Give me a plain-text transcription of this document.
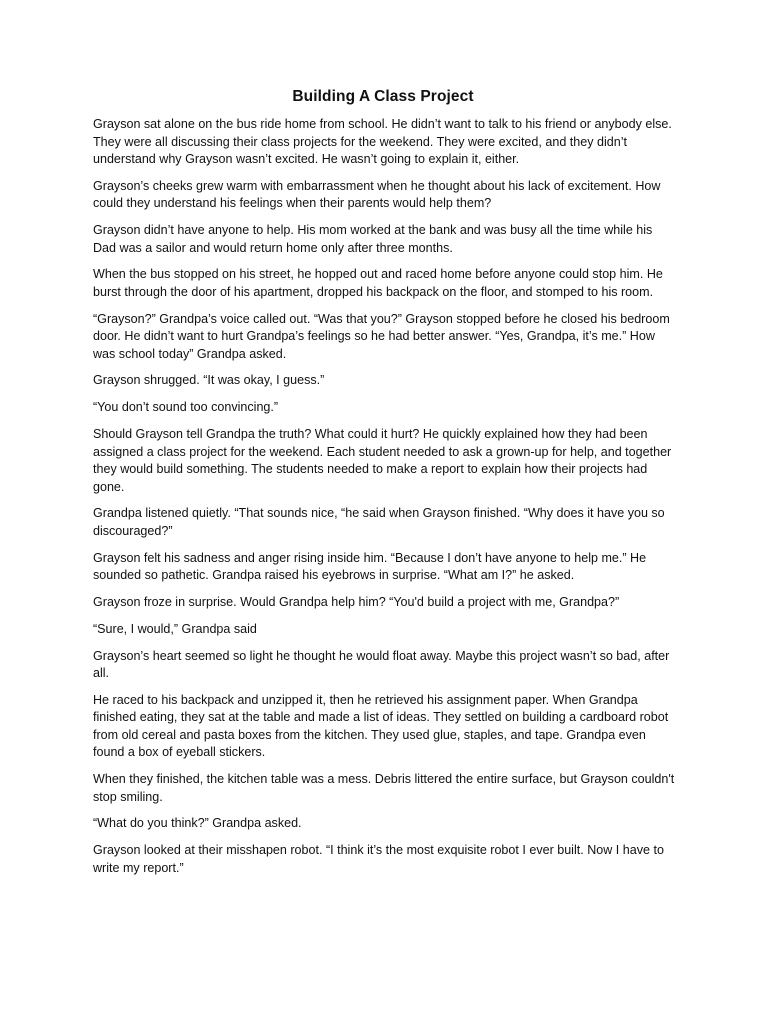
Building A Class Project

Grayson sat alone on the bus ride home from school. He didn’t want to talk to his friend or anybody else. They were all discussing their class projects for the weekend. They were excited, and they didn’t understand why Grayson wasn’t excited. He wasn’t going to explain it, either.

Grayson’s cheeks grew warm with embarrassment when he thought about his lack of excitement. How could they understand his feelings when their parents would help them?

Grayson didn’t have anyone to help. His mom worked at the bank and was busy all the time while his Dad was a sailor and would return home only after three months.

When the bus stopped on his street, he hopped out and raced home before anyone could stop him. He burst through the door of his apartment, dropped his backpack on the floor, and stomped to his room.

“Grayson?” Grandpa’s voice called out. “Was that you?” Grayson stopped before he closed his bedroom door. He didn’t want to hurt Grandpa’s feelings so he had better answer. “Yes, Grandpa, it’s me.” How was school today” Grandpa asked.

Grayson shrugged. “It was okay, I guess.”

“You don’t sound too convincing.”

Should Grayson tell Grandpa the truth? What could it hurt? He quickly explained how they had been assigned a class project for the weekend. Each student needed to ask a grown-up for help, and together they would build something. The students needed to make a report to explain how their projects had gone.

Grandpa listened quietly. “That sounds nice, “he said when Grayson finished. “Why does it have you so discouraged?”

Grayson felt his sadness and anger rising inside him. “Because I don’t have anyone to help me.” He sounded so pathetic. Grandpa raised his eyebrows in surprise. “What am I?” he asked.

Grayson froze in surprise. Would Grandpa help him? “You'd build a project with me, Grandpa?”

“Sure, I would,” Grandpa said

Grayson’s heart seemed so light he thought he would float away. Maybe this project wasn’t so bad, after all.

He raced to his backpack and unzipped it, then he retrieved his assignment paper. When Grandpa finished eating, they sat at the table and made a list of ideas. They settled on building a cardboard robot from old cereal and pasta boxes from the kitchen. They used glue, staples, and tape. Grandpa even found a box of eyeball stickers.

When they finished, the kitchen table was a mess. Debris littered the entire surface, but Grayson couldn't stop smiling.

“What do you think?” Grandpa asked.

Grayson looked at their misshapen robot. “I think it’s the most exquisite robot I ever built. Now I have to write my report.”
